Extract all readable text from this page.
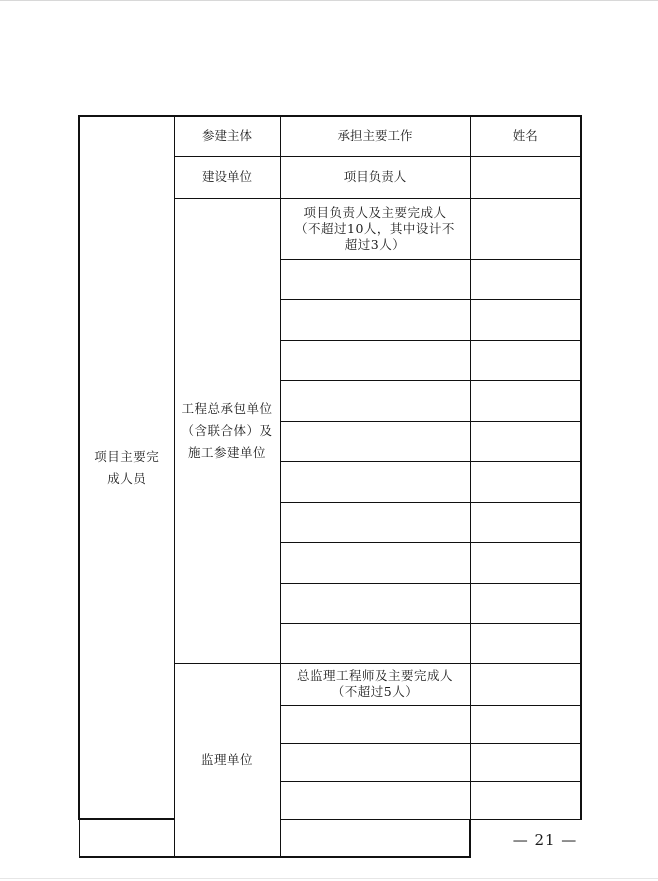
项目主要完成人员	参建主体	承担主要工作	姓名
	建设单位	项目负责人	
	工程总承包单位（含联合体）及施工参建单位	项目负责人及主要完成人（不超过10人，其中设计不超过3人）	

	监理单位	总监理工程师及主要完成人（不超过5人）	

— 21 —
